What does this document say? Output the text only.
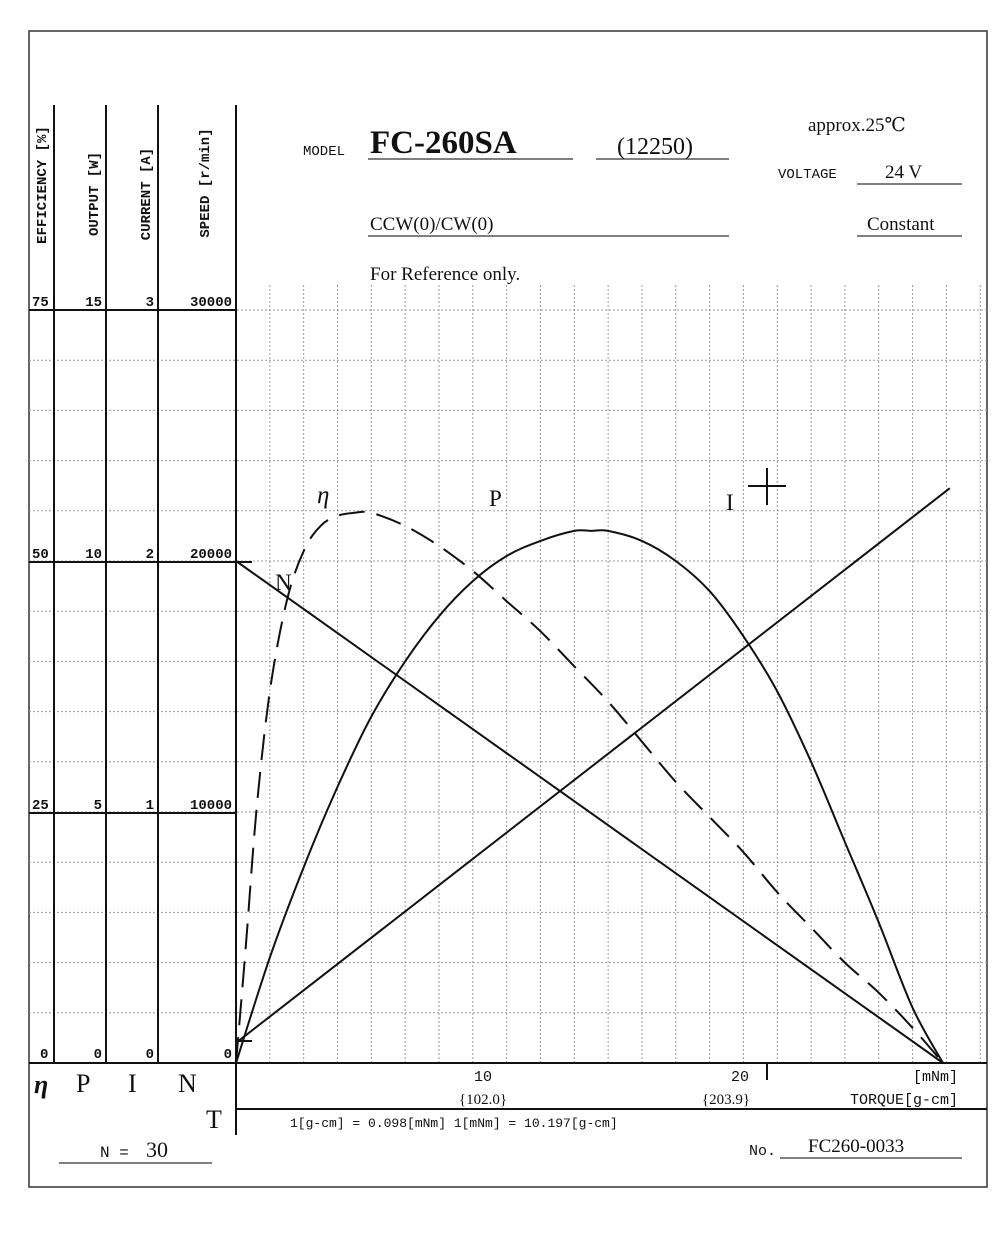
MODEL FC-260SA	(12250)
approx.25℃
VOLTAGE	24 V
CCW(0)/CW(0)	Constant
For Reference only.
EFFICIENCY [%]	OUTPUT [W]	CURRENT [A]	SPEED [r/min]
75
50
25
0
15
10
5
0
3
2
1
0
30000
20000
10000
0
η	P	I
N
η P I N
T
10	20
{102.0}	{203.9}
[mNm]
TORQUE[g-cm]
1[g-cm] = 0.098[mNm] 1[mNm] = 10.197[g-cm]
N = 30	No. FC260-0033
